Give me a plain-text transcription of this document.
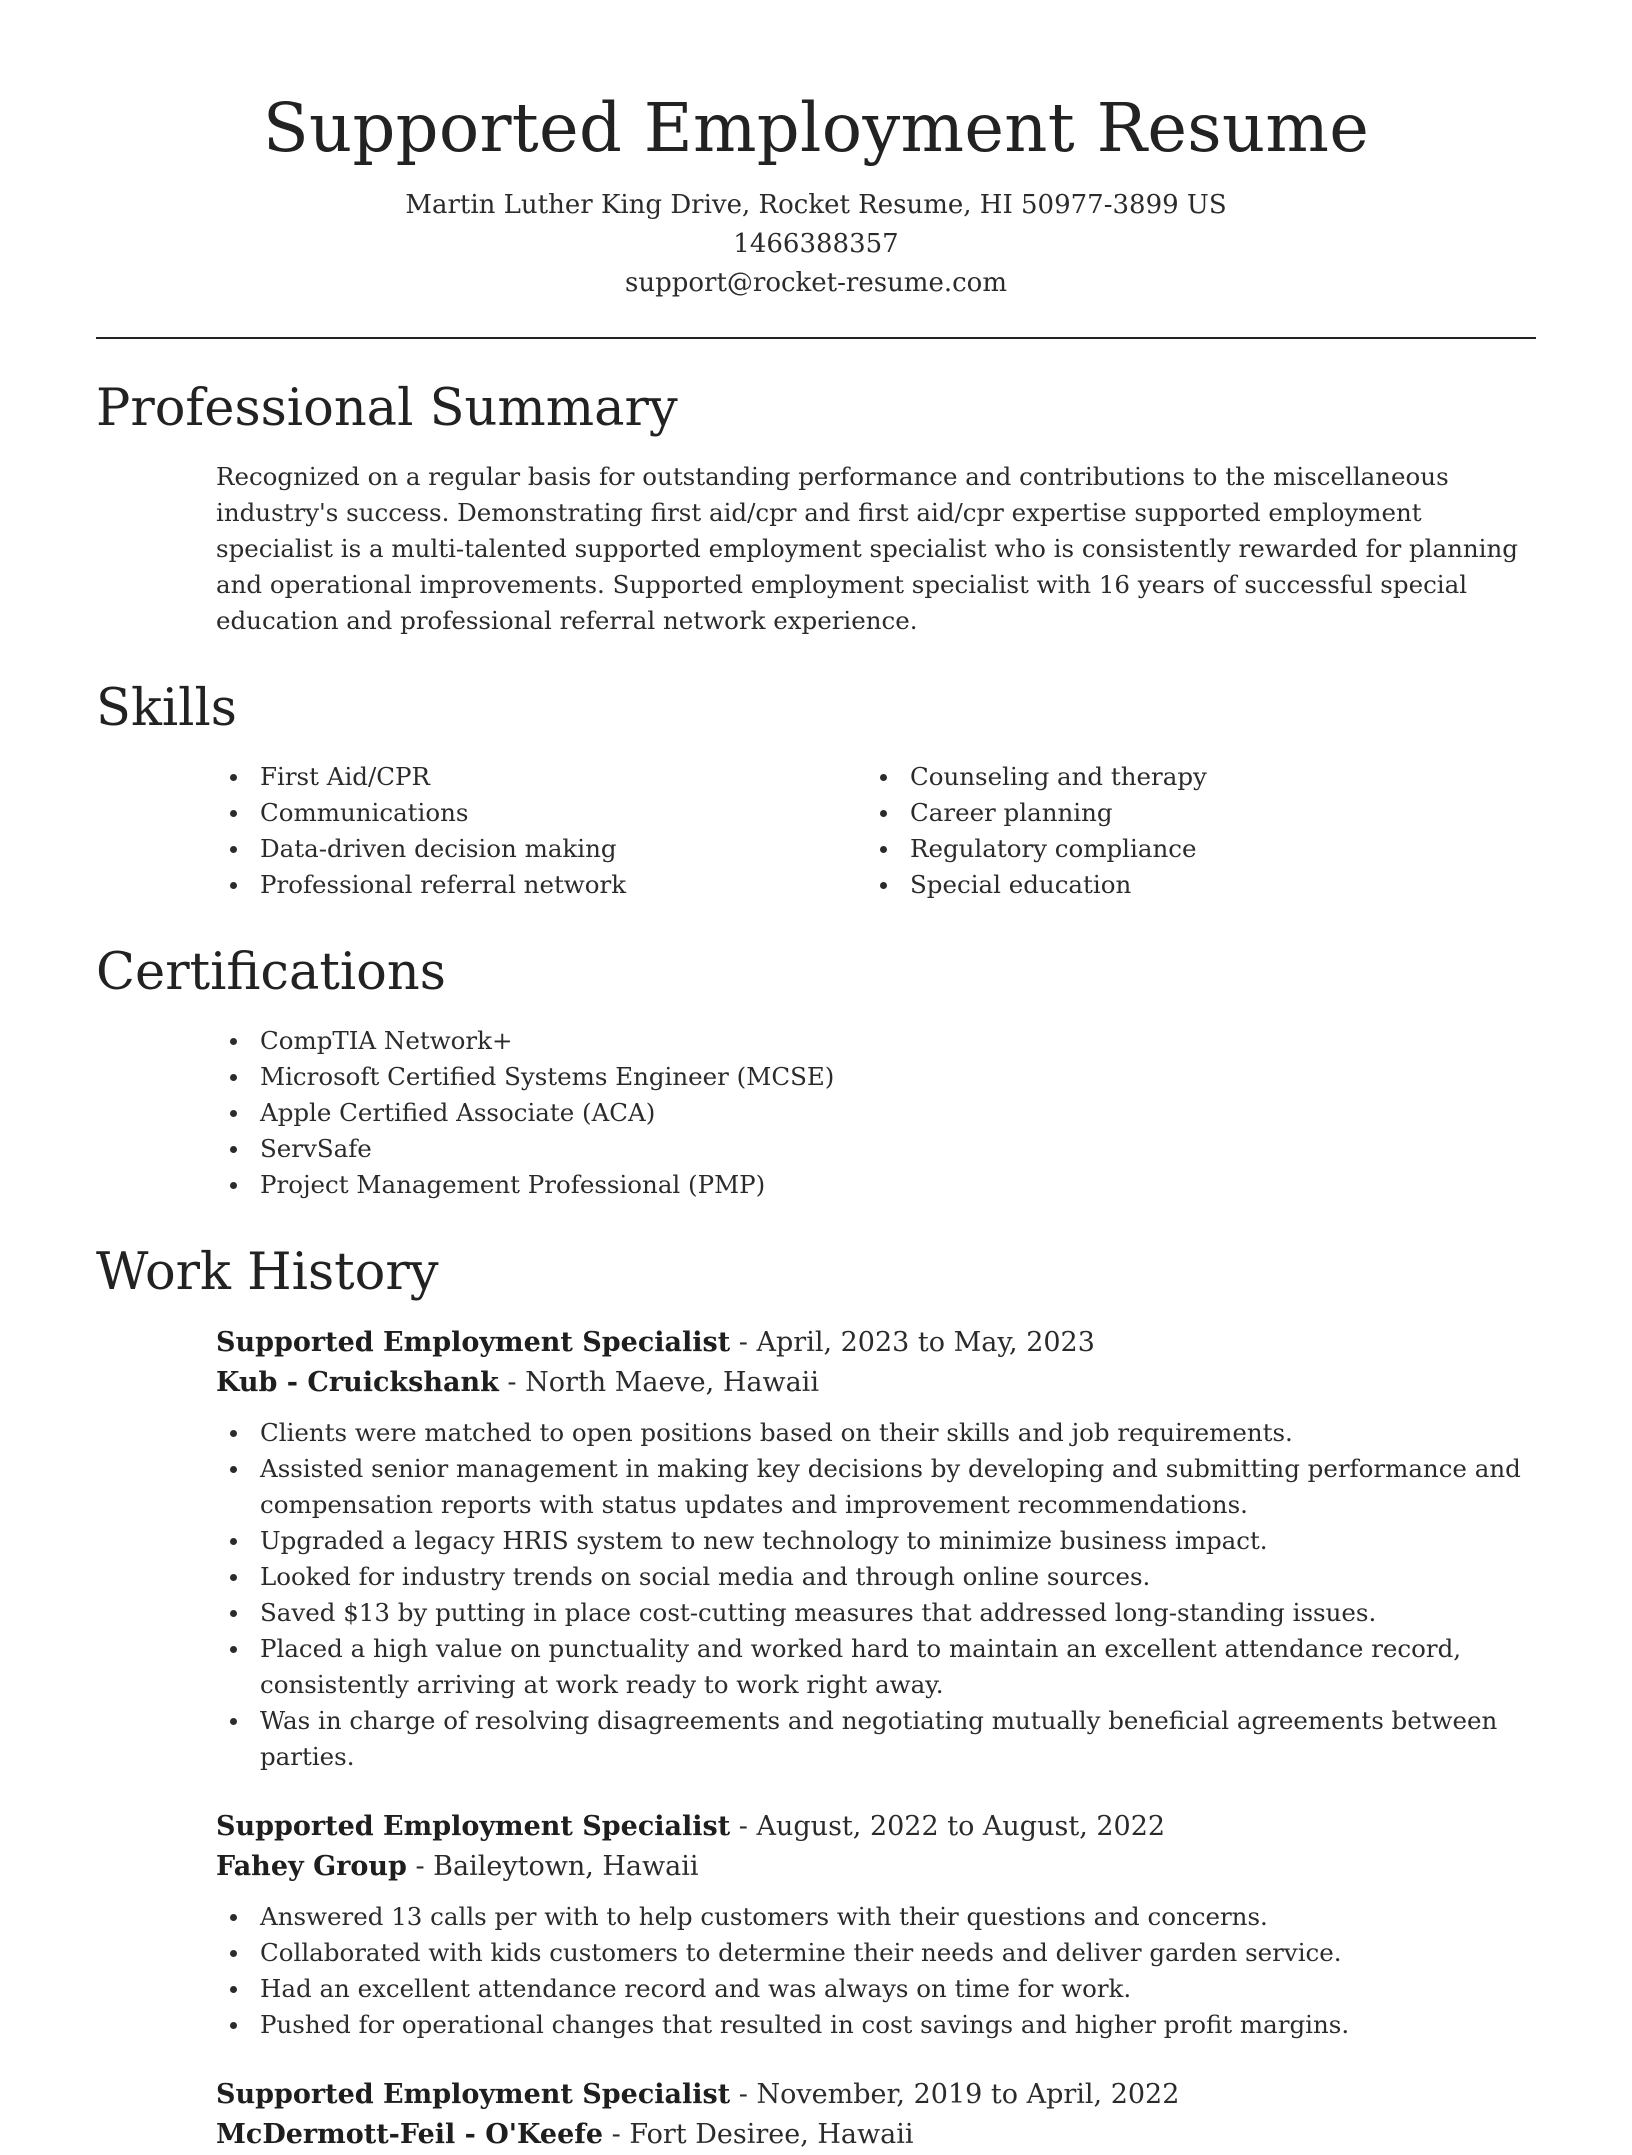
Supported Employment Resume
Martin Luther King Drive, Rocket Resume, HI 50977-3899 US
1466388357
support@rocket-resume.com
Professional Summary

Recognized on a regular basis for outstanding performance and contributions to the miscellaneous industry's success. Demonstrating first aid/cpr and first aid/cpr expertise supported employment specialist is a multi-talented supported employment specialist who is consistently rewarded for planning and operational improvements. Supported employment specialist with 16 years of successful special education and professional referral network experience.

Skills
First Aid/CPR
Communications
Data-driven decision making
Professional referral network
Counseling and therapy
Career planning
Regulatory compliance
Special education
Certifications
CompTIA Network+
Microsoft Certified Systems Engineer (MCSE)
Apple Certified Associate (ACA)
ServSafe
Project Management Professional (PMP)
Work History
Supported Employment Specialist - April, 2023 to May, 2023
Kub - Cruickshank - North Maeve, Hawaii
Clients were matched to open positions based on their skills and job requirements.
Assisted senior management in making key decisions by developing and submitting performance and compensation reports with status updates and improvement recommendations.
Upgraded a legacy HRIS system to new technology to minimize business impact.
Looked for industry trends on social media and through online sources.
Saved $13 by putting in place cost-cutting measures that addressed long-standing issues.
Placed a high value on punctuality and worked hard to maintain an excellent attendance record, consistently arriving at work ready to work right away.
Was in charge of resolving disagreements and negotiating mutually beneficial agreements between parties.
Supported Employment Specialist - August, 2022 to August, 2022
Fahey Group - Baileytown, Hawaii
Answered 13 calls per with to help customers with their questions and concerns.
Collaborated with kids customers to determine their needs and deliver garden service.
Had an excellent attendance record and was always on time for work.
Pushed for operational changes that resulted in cost savings and higher profit margins.
Supported Employment Specialist - November, 2019 to April, 2022
McDermott-Feil - O'Keefe - Fort Desiree, Hawaii
